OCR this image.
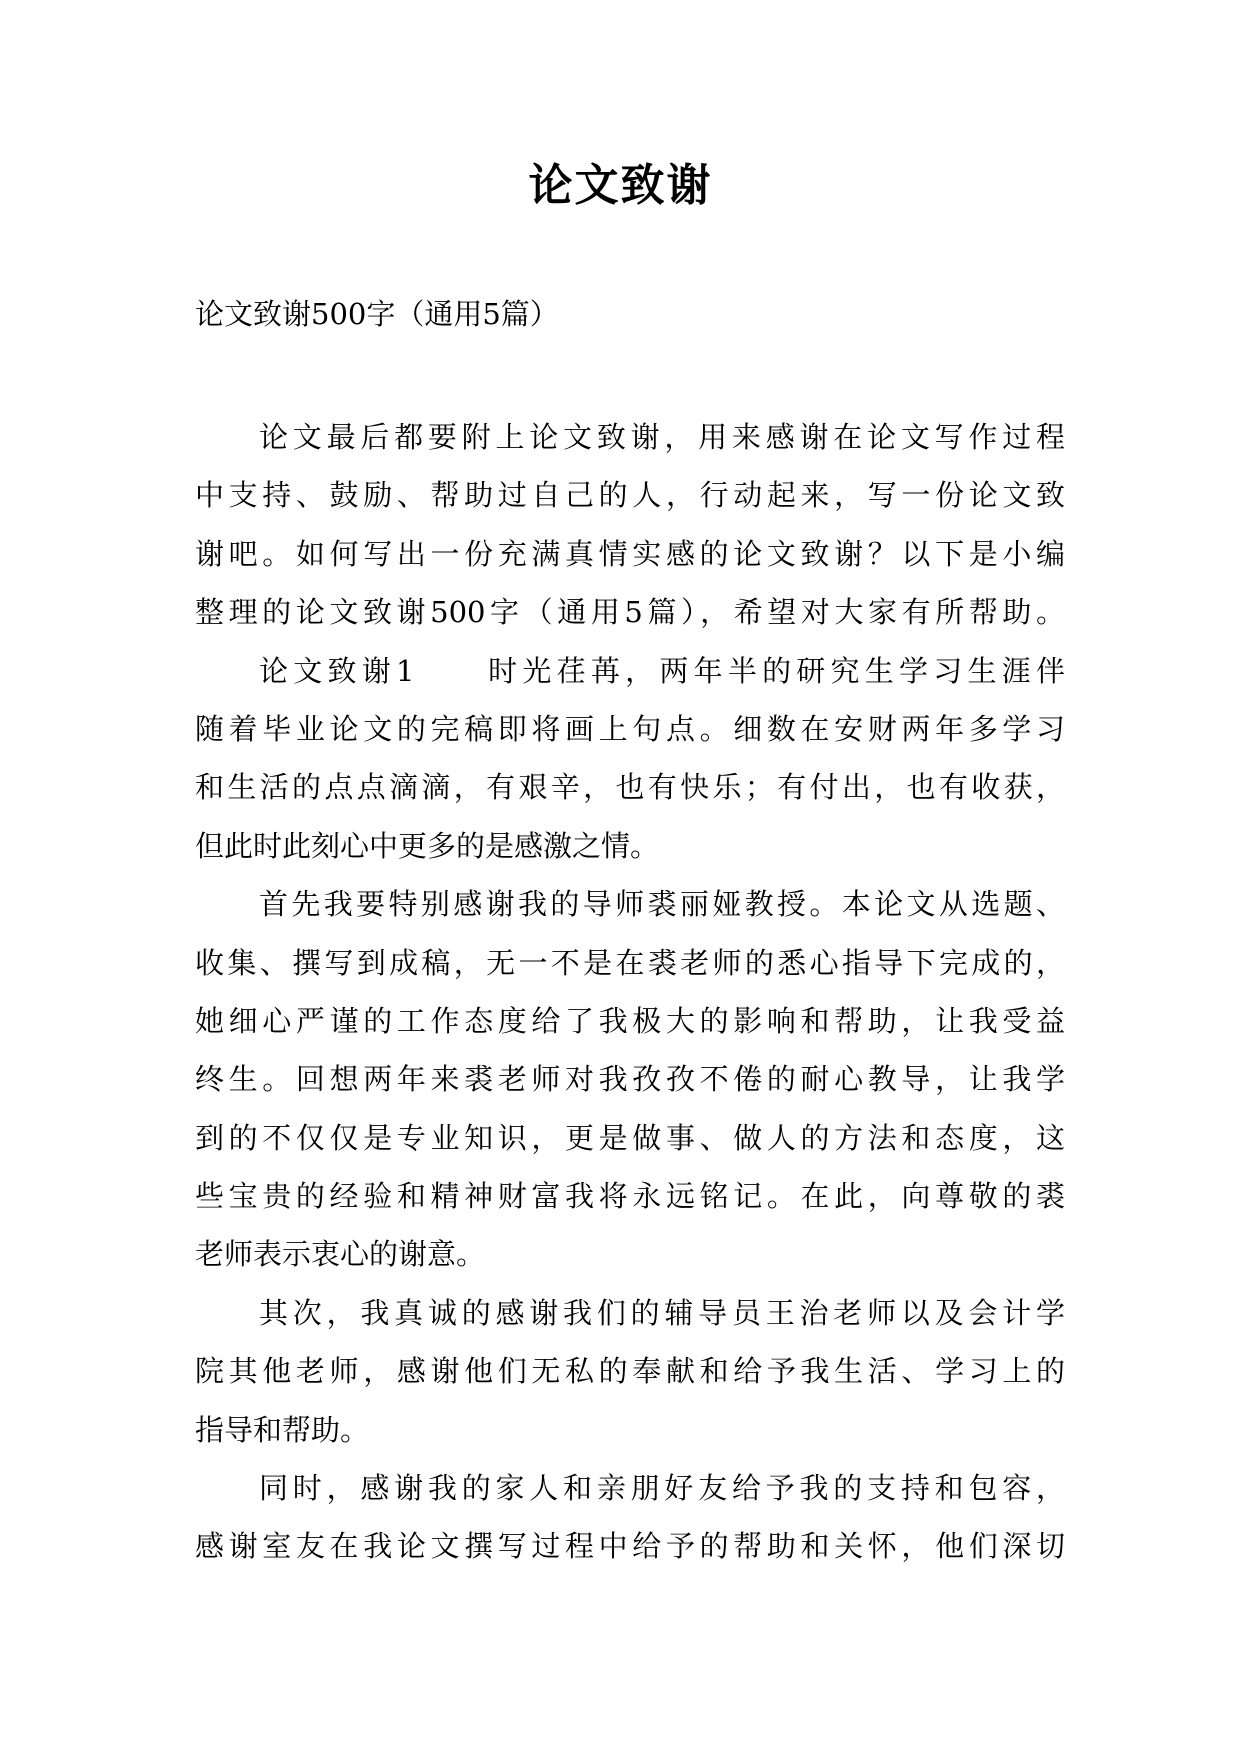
论文致谢
论文致谢500字（通用5篇）

论文最后都要附上论文致谢，用来感谢在论文写作过程
中支持、鼓励、帮助过自己的人，行动起来，写一份论文致
谢吧。如何写出一份充满真情实感的论文致谢？以下是小编
整理的论文致谢500字（通用5篇），希望对大家有所帮助。

论文致谢1　　时光荏苒，两年半的研究生学习生涯伴
随着毕业论文的完稿即将画上句点。细数在安财两年多学习
和生活的点点滴滴，有艰辛，也有快乐；有付出，也有收获，
但此时此刻心中更多的是感激之情。

首先我要特别感谢我的导师裘丽娅教授。本论文从选题、
收集、撰写到成稿，无一不是在裘老师的悉心指导下完成的，
她细心严谨的工作态度给了我极大的影响和帮助，让我受益
终生。回想两年来裘老师对我孜孜不倦的耐心教导，让我学
到的不仅仅是专业知识，更是做事、做人的方法和态度，这
些宝贵的经验和精神财富我将永远铭记。在此，向尊敬的裘
老师表示衷心的谢意。

其次，我真诚的感谢我们的辅导员王治老师以及会计学
院其他老师，感谢他们无私的奉献和给予我生活、学习上的
指导和帮助。

同时，感谢我的家人和亲朋好友给予我的支持和包容，
感谢室友在我论文撰写过程中给予的帮助和关怀，他们深切
